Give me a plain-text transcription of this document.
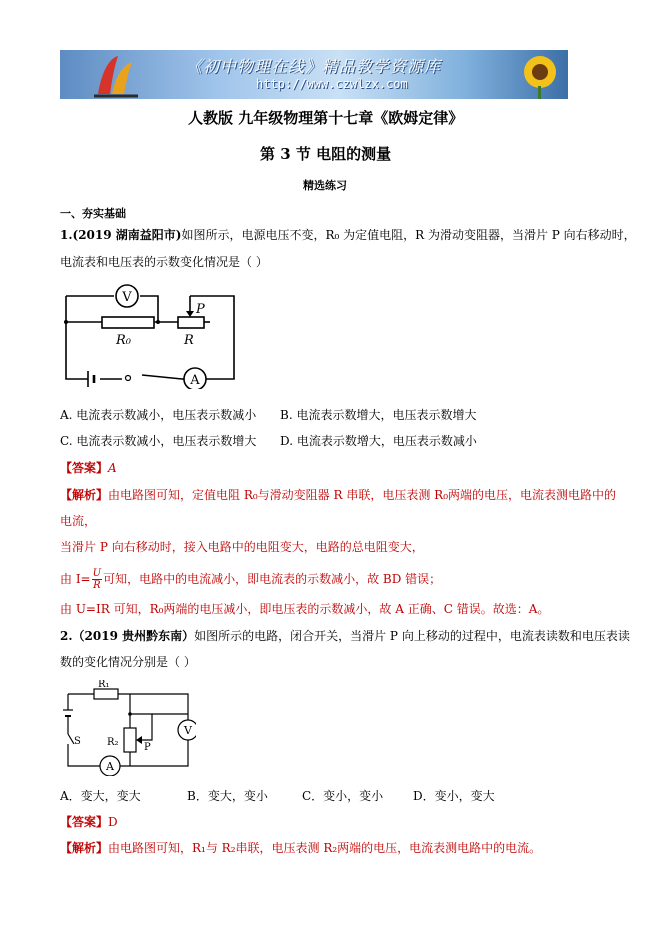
《初中物理在线》精品教学资源库
http://www.czwlzx.com
人教版 九年级物理第十七章《欧姆定律》
第 3 节 电阻的测量
精选练习
一、夯实基础
1.(2019 湖南益阳市)如图所示，电源电压不变，R₀ 为定值电阻，R 为滑动变阻器，当滑片 P 向右移动时，
电流表和电压表的示数变化情况是（ ）
V
A
R₀	R
P
A. 电流表示数减小，电压表示数减小 B. 电流表示数增大，电压表示数增大
C. 电流表示数减小，电压表示数增大 D. 电流表示数增大，电压表示数减小
【答案】A
【解析】由电路图可知，定值电阻 R₀与滑动变阻器 R 串联，电压表测 R₀两端的电压，电流表测电路中的
电流，
当滑片 P 向右移动时，接入电路中的电阻变大，电路的总电阻变大，
由 $I= \frac{U}{R}$ 可知，电路中的电流减小，即电流表的示数减小，故 BD 错误；
由 U=IR 可知，R₀两端的电压减小，即电压表的示数减小，故 A 正确、C 错误。故选：A。
2.（2019 贵州黔东南）如图所示的电路，闭合开关，当滑片 P 向上移动的过程中，电流表读数和电压表读
数的变化情况分别是（ ）
R₁
R₂	P
S
V
A
A．变大，变大	B．变大，变小	C．变小，变小 D．变小，变大
【答案】D
【解析】由电路图可知，R₁与 R₂串联，电压表测 R₂两端的电压，电流表测电路中的电流。
